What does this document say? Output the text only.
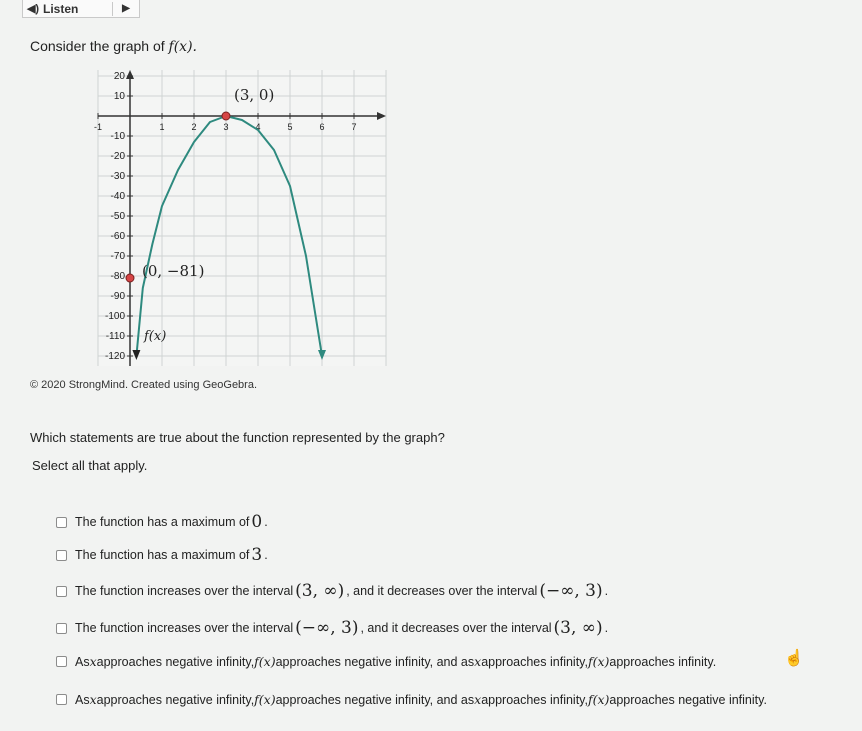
◀) Listen	▶
Consider the graph of f(x).
-1	1	2	3	4	5	6	7
20
10
-10
-20
-30
-40
-50
-60
-70
-80
-90
-100
-110
-120
(3, 0)
(0, −81)
f(x)
© 2020 StrongMind. Created using GeoGebra.
Which statements are true about the function represented by the graph?
Select all that apply.
The function has a maximum of 0 .
The function has a maximum of 3 .
The function increases over the interval (3, ∞) , and it decreases over the interval (−∞, 3) .
The function increases over the interval (−∞, 3) , and it decreases over the interval (3, ∞) .
As x approaches negative infinity, f(x) approaches negative infinity, and as x approaches infinity, f(x) approaches infinity.
As x approaches negative infinity, f(x) approaches negative infinity, and as x approaches infinity, f(x) approaches negative infinity.
☝
